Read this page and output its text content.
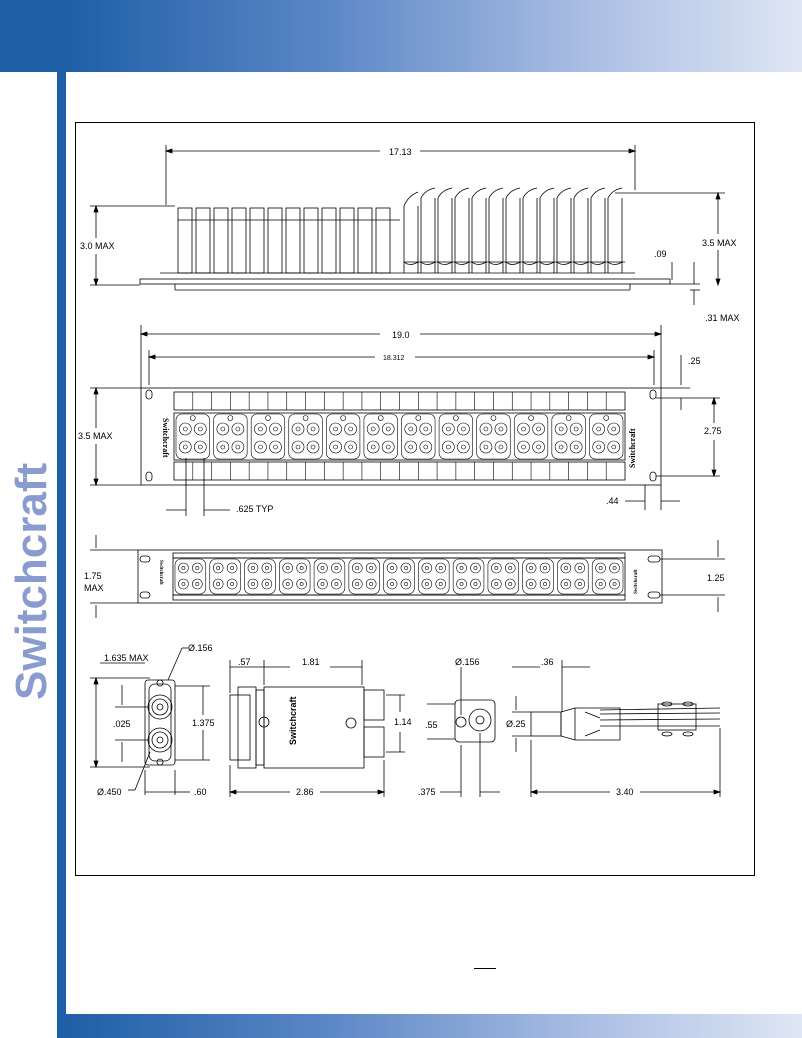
Switchcraft
17.13
3.0 MAX	3.5 MAX
.09
.31 MAX
19.0
18.312	.25
3.5 MAX	2.75
.625 TYP
.44
Switchcraft	Switchcraft
1.75
MAX
1.25
Switchcraft	Switchcraft
1.635 MAX
Ø.156
.025	1.375
Ø.450	.60
Switchcraft
.57	1.81
1.14
2.86
Ø.156
.55
.375
.36
Ø.25
3.40
